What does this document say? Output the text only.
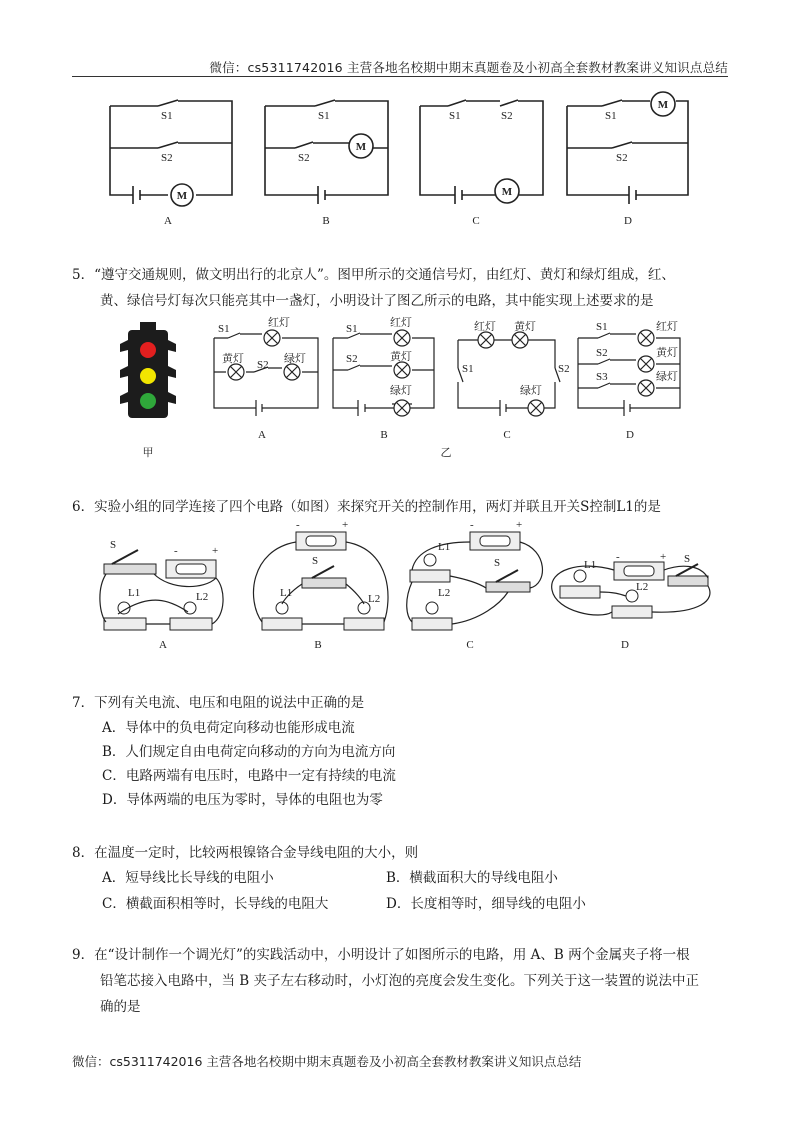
微信：cs5311742016 主营各地名校期中期末真题卷及小初高全套教材教案讲义知识点总结
微信：cs5311742016 主营各地名校期中期末真题卷及小初高全套教材教案讲义知识点总结
M
S1
S2
A
M
S1
S2
B
M
S1	S2
C
M
S1
S2
D
5．“遵守交通规则，做文明出行的北京人”。图甲所示的交通信号灯，由红灯、黄灯和绿灯组成，红、
黄、绿信号灯每次只能亮其中一盏灯，小明设计了图乙所示的电路，其中能实现上述要求的是
甲
S1	红灯
黄灯 S2 绿灯
A
S1
S2
红灯
黄灯
绿灯
B
红灯 黄灯
S1	S2
绿灯
C
S1
S2
S3
红灯
黄灯
绿灯
D
乙
6．实验小组的同学连接了四个电路（如图）来探究开关的控制作用，两灯并联且开关S控制L1的是
S	-	+
L1	L2
A
-	+
S
L1	L2
B
-	+
L1
L2
S
C
-	+
L1
L2
S
D
7．下列有关电流、电压和电阻的说法中正确的是
A．导体中的负电荷定向移动也能形成电流
B．人们规定自由电荷定向移动的方向为电流方向
C．电路两端有电压时，电路中一定有持续的电流
D．导体两端的电压为零时，导体的电阻也为零
8．在温度一定时，比较两根镍铬合金导线电阻的大小，则
A．短导线比长导线的电阻小	B．横截面积大的导线电阻小
C．横截面积相等时，长导线的电阻大	D．长度相等时，细导线的电阻小
9．在“设计制作一个调光灯”的实践活动中，小明设计了如图所示的电路，用 A、B 两个金属夹子将一根
铅笔芯接入电路中，当 B 夹子左右移动时，小灯泡的亮度会发生变化。下列关于这一装置的说法中正
确的是
